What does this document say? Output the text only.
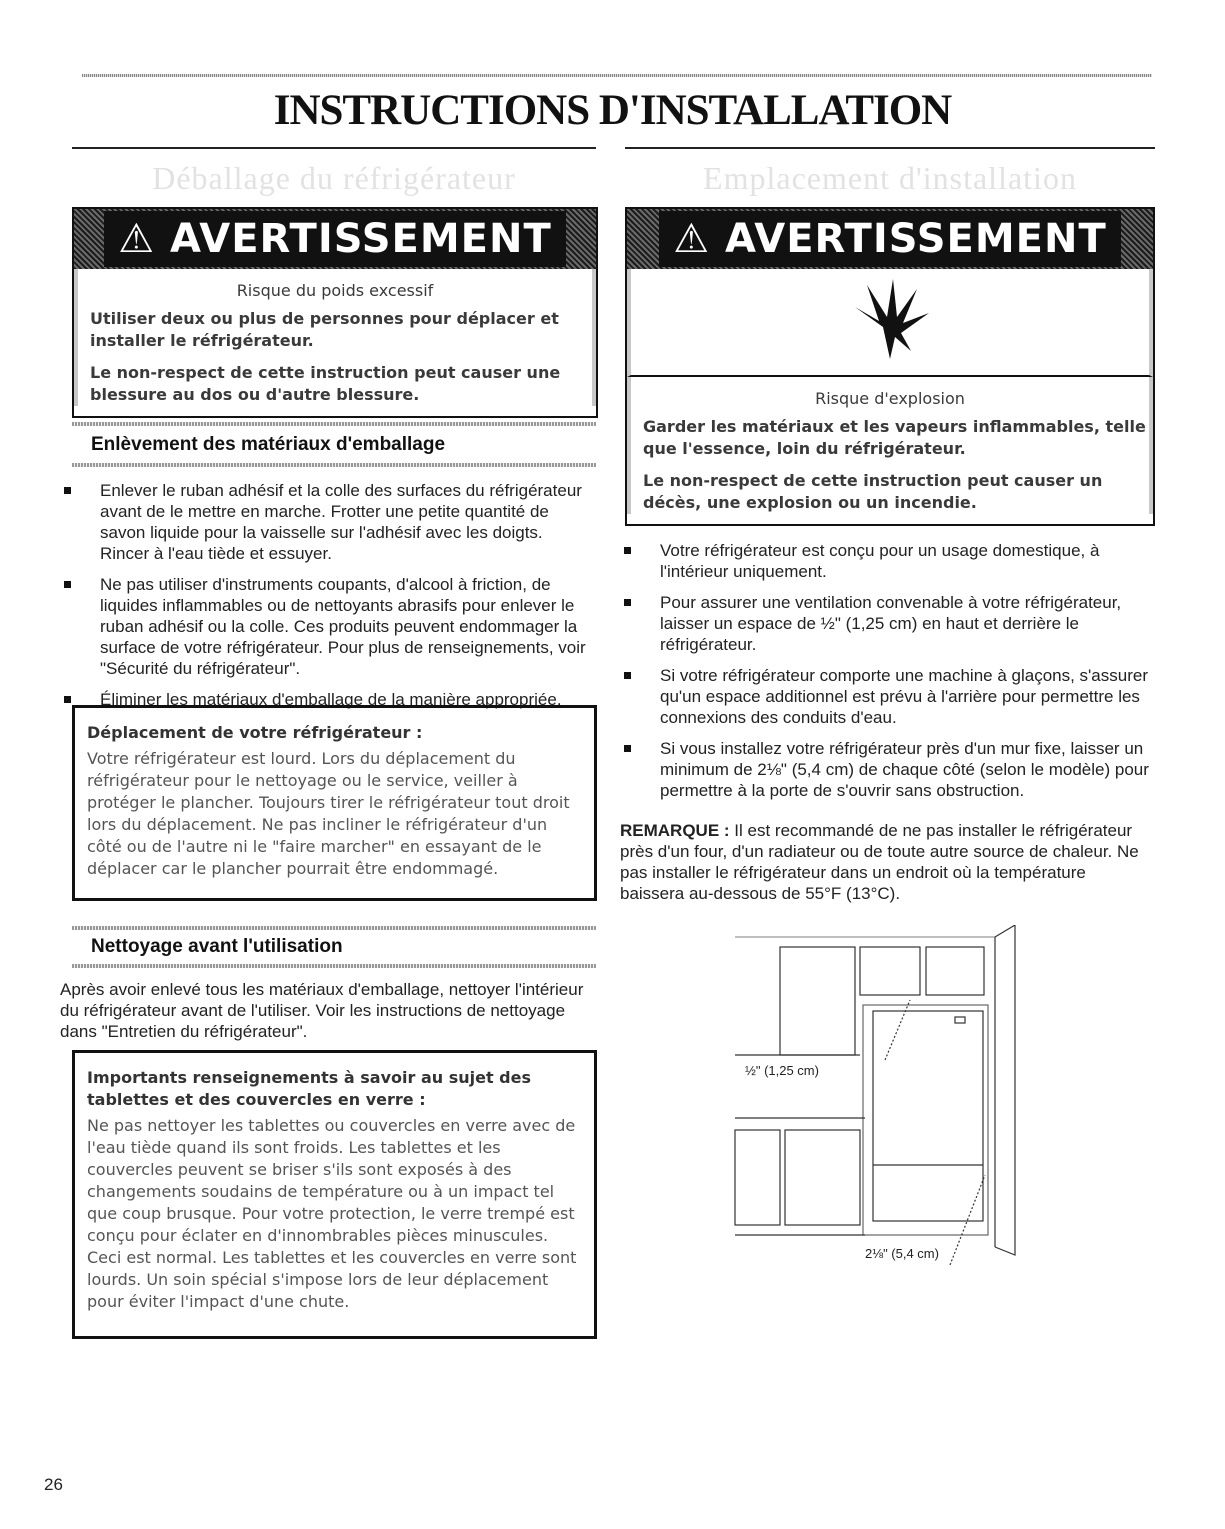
INSTRUCTIONS D'INSTALLATION
Déballage du réfrigérateur
⚠ AVERTISSEMENT
Risque du poids excessif

Utiliser deux ou plus de personnes pour déplacer et installer le réfrigérateur.

Le non-respect de cette instruction peut causer une blessure au dos ou d'autre blessure.

Enlèvement des matériaux d'emballage
Enlever le ruban adhésif et la colle des surfaces du réfrigérateur avant de le mettre en marche. Frotter une petite quantité de savon liquide pour la vaisselle sur l'adhésif avec les doigts. Rincer à l'eau tiède et essuyer.
Ne pas utiliser d'instruments coupants, d'alcool à friction, de liquides inflammables ou de nettoyants abrasifs pour enlever le ruban adhésif ou la colle. Ces produits peuvent endommager la surface de votre réfrigérateur. Pour plus de renseignements, voir "Sécurité du réfrigérateur".
Éliminer les matériaux d'emballage de la manière appropriée.
Déplacement de votre réfrigérateur :
Votre réfrigérateur est lourd. Lors du déplacement du réfrigérateur pour le nettoyage ou le service, veiller à protéger le plancher. Toujours tirer le réfrigérateur tout droit lors du déplacement. Ne pas incliner le réfrigérateur d'un côté ou de l'autre ni le "faire marcher" en essayant de le déplacer car le plancher pourrait être endommagé.
Nettoyage avant l'utilisation
Après avoir enlevé tous les matériaux d'emballage, nettoyer l'intérieur du réfrigérateur avant de l'utiliser. Voir les instructions de nettoyage dans "Entretien du réfrigérateur".
Importants renseignements à savoir au sujet des tablettes et des couvercles en verre :
Ne pas nettoyer les tablettes ou couvercles en verre avec de l'eau tiède quand ils sont froids. Les tablettes et les couvercles peuvent se briser s'ils sont exposés à des changements soudains de température ou à un impact tel que coup brusque. Pour votre protection, le verre trempé est conçu pour éclater en d'innombrables pièces minuscules. Ceci est normal. Les tablettes et les couvercles en verre sont lourds. Un soin spécial s'impose lors de leur déplacement pour éviter l'impact d'une chute.
Emplacement d'installation
⚠ AVERTISSEMENT
Risque d'explosion

Garder les matériaux et les vapeurs inflammables, telle que l'essence, loin du réfrigérateur.

Le non-respect de cette instruction peut causer un décès, une explosion ou un incendie.

Votre réfrigérateur est conçu pour un usage domestique, à l'intérieur uniquement.
Pour assurer une ventilation convenable à votre réfrigérateur, laisser un espace de ½" (1,25 cm) en haut et derrière le réfrigérateur.
Si votre réfrigérateur comporte une machine à glaçons, s'assurer qu'un espace additionnel est prévu à l'arrière pour permettre les connexions des conduits d'eau.
Si vous installez votre réfrigérateur près d'un mur fixe, laisser un minimum de 2⅛" (5,4 cm) de chaque côté (selon le modèle) pour permettre à la porte de s'ouvrir sans obstruction.
REMARQUE : Il est recommandé de ne pas installer le réfrigérateur près d'un four, d'un radiateur ou de toute autre source de chaleur. Ne pas installer le réfrigérateur dans un endroit où la température baissera au-dessous de 55°F (13°C).
½" (1,25 cm)
2⅛" (5,4 cm)
26
